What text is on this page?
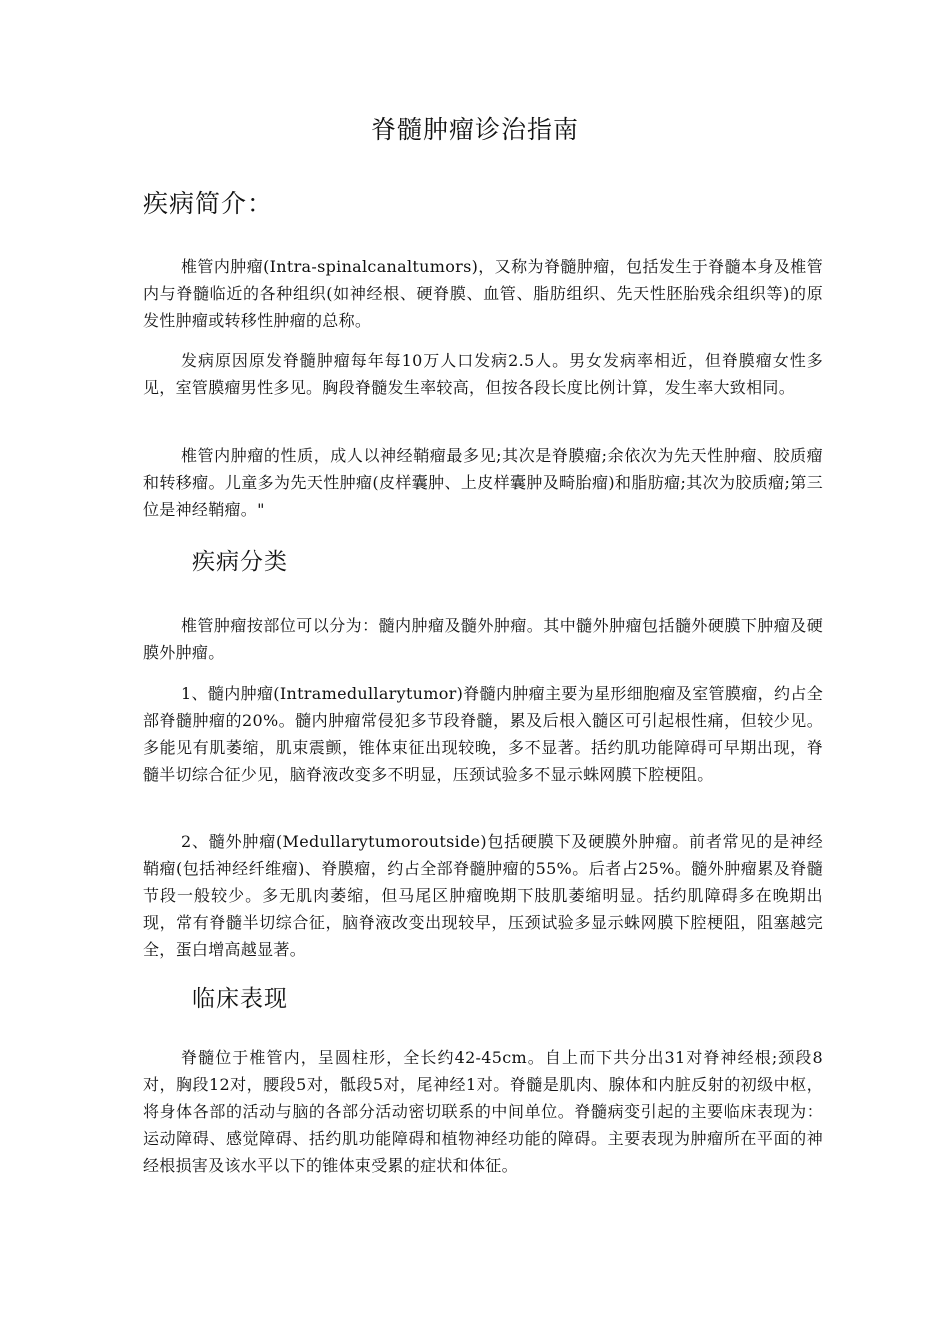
脊髓肿瘤诊治指南
疾病简介：

椎管内肿瘤(Intra-spinalcanaltumors)，又称为脊髓肿瘤，包括发生于脊髓本身及椎管内与脊髓临近的各种组织(如神经根、硬脊膜、血管、脂肪组织、先天性胚胎残余组织等)的原发性肿瘤或转移性肿瘤的总称。

发病原因原发脊髓肿瘤每年每10万人口发病2.5人。男女发病率相近，但脊膜瘤女性多见，室管膜瘤男性多见。胸段脊髓发生率较高，但按各段长度比例计算，发生率大致相同。

椎管内肿瘤的性质，成人以神经鞘瘤最多见;其次是脊膜瘤;余依次为先天性肿瘤、胶质瘤和转移瘤。儿童多为先天性肿瘤(皮样囊肿、上皮样囊肿及畸胎瘤)和脂肪瘤;其次为胶质瘤;第三位是神经鞘瘤。"

疾病分类

椎管肿瘤按部位可以分为：髓内肿瘤及髓外肿瘤。其中髓外肿瘤包括髓外硬膜下肿瘤及硬膜外肿瘤。

1、髓内肿瘤(Intramedullarytumor)脊髓内肿瘤主要为星形细胞瘤及室管膜瘤，约占全部脊髓肿瘤的20%。髓内肿瘤常侵犯多节段脊髓，累及后根入髓区可引起根性痛，但较少见。多能见有肌萎缩，肌束震颤，锥体束征出现较晚，多不显著。括约肌功能障碍可早期出现，脊髓半切综合征少见，脑脊液改变多不明显，压颈试验多不显示蛛网膜下腔梗阻。

2、髓外肿瘤(Medullarytumoroutside)包括硬膜下及硬膜外肿瘤。前者常见的是神经鞘瘤(包括神经纤维瘤)、脊膜瘤，约占全部脊髓肿瘤的55%。后者占25%。髓外肿瘤累及脊髓节段一般较少。多无肌肉萎缩，但马尾区肿瘤晚期下肢肌萎缩明显。括约肌障碍多在晚期出现，常有脊髓半切综合征，脑脊液改变出现较早，压颈试验多显示蛛网膜下腔梗阻，阻塞越完全，蛋白增高越显著。

临床表现

脊髓位于椎管内，呈圆柱形，全长约42-45cm。自上而下共分出31对脊神经根;颈段8对，胸段12对，腰段5对，骶段5对，尾神经1对。脊髓是肌肉、腺体和内脏反射的初级中枢，将身体各部的活动与脑的各部分活动密切联系的中间单位。脊髓病变引起的主要临床表现为：运动障碍、感觉障碍、括约肌功能障碍和植物神经功能的障碍。主要表现为肿瘤所在平面的神经根损害及该水平以下的锥体束受累的症状和体征。
